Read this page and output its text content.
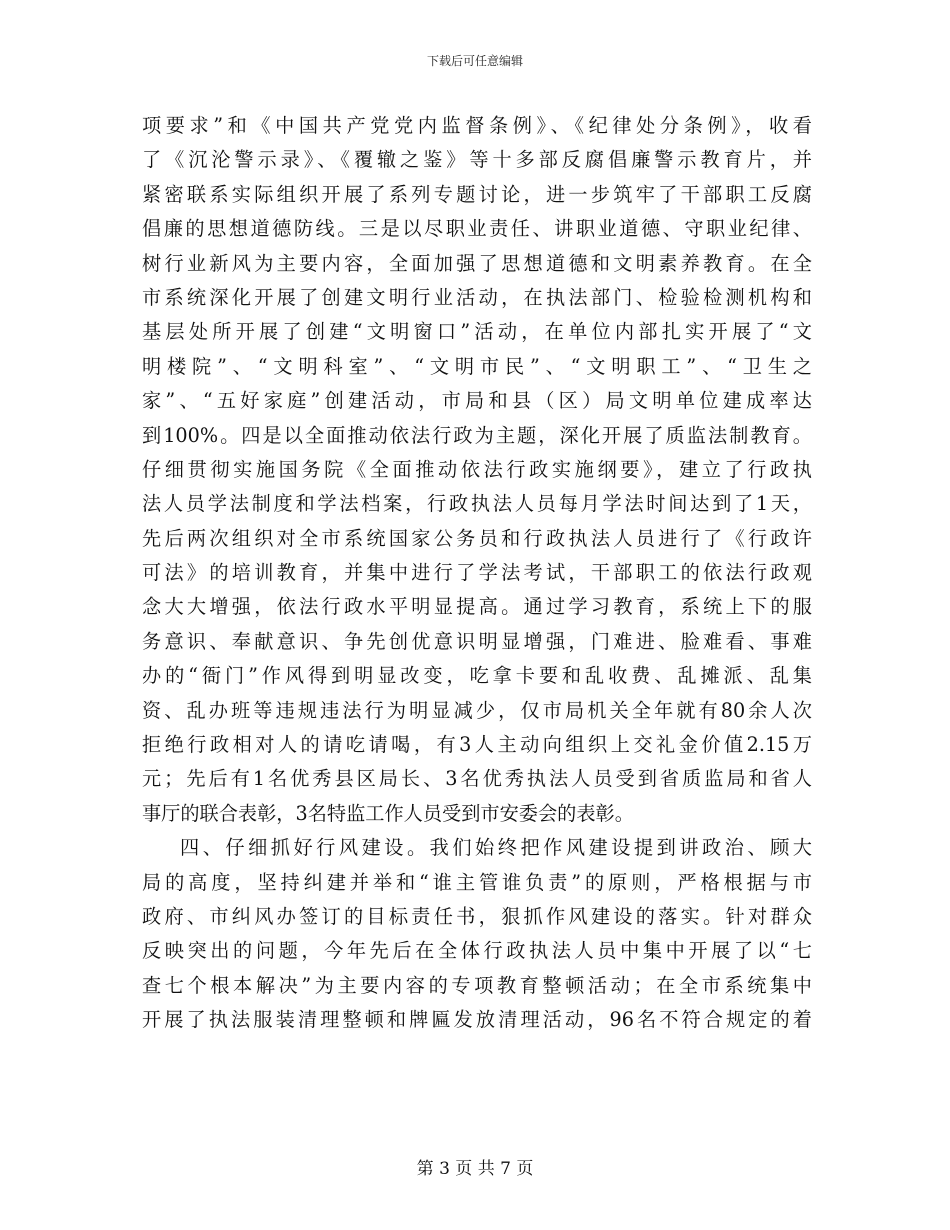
下载后可任意编辑
项要求”和《中国共产党党内监督条例》、《纪律处分条例》，收看
了《沉沦警示录》、《覆辙之鉴》等十多部反腐倡廉警示教育片，并
紧密联系实际组织开展了系列专题讨论，进一步筑牢了干部职工反腐
倡廉的思想道德防线。三是以尽职业责任、讲职业道德、守职业纪律、
树行业新风为主要内容，全面加强了思想道德和文明素养教育。在全
市系统深化开展了创建文明行业活动，在执法部门、检验检测机构和
基层处所开展了创建“文明窗口”活动，在单位内部扎实开展了“文
明楼院”、“文明科室”、“文明市民”、“文明职工”、“卫生之
家”、“五好家庭”创建活动，市局和县（区）局文明单位建成率达
到100%。四是以全面推动依法行政为主题，深化开展了质监法制教育。
仔细贯彻实施国务院《全面推动依法行政实施纲要》，建立了行政执
法人员学法制度和学法档案，行政执法人员每月学法时间达到了1天，
先后两次组织对全市系统国家公务员和行政执法人员进行了《行政许
可法》的培训教育，并集中进行了学法考试，干部职工的依法行政观
念大大增强，依法行政水平明显提高。通过学习教育，系统上下的服
务意识、奉献意识、争先创优意识明显增强，门难进、脸难看、事难
办的“衙门”作风得到明显改变，吃拿卡要和乱收费、乱摊派、乱集
资、乱办班等违规违法行为明显减少，仅市局机关全年就有80余人次
拒绝行政相对人的请吃请喝，有3人主动向组织上交礼金价值2.15万
元；先后有1名优秀县区局长、3名优秀执法人员受到省质监局和省人
事厅的联合表彰，3名特监工作人员受到市安委会的表彰。
四、仔细抓好行风建设。我们始终把作风建设提到讲政治、顾大
局的高度，坚持纠建并举和“谁主管谁负责”的原则，严格根据与市
政府、市纠风办签订的目标责任书，狠抓作风建设的落实。针对群众
反映突出的问题，今年先后在全体行政执法人员中集中开展了以“七
查七个根本解决”为主要内容的专项教育整顿活动；在全市系统集中
开展了执法服装清理整顿和牌匾发放清理活动，96名不符合规定的着
第 3 页 共 7 页
